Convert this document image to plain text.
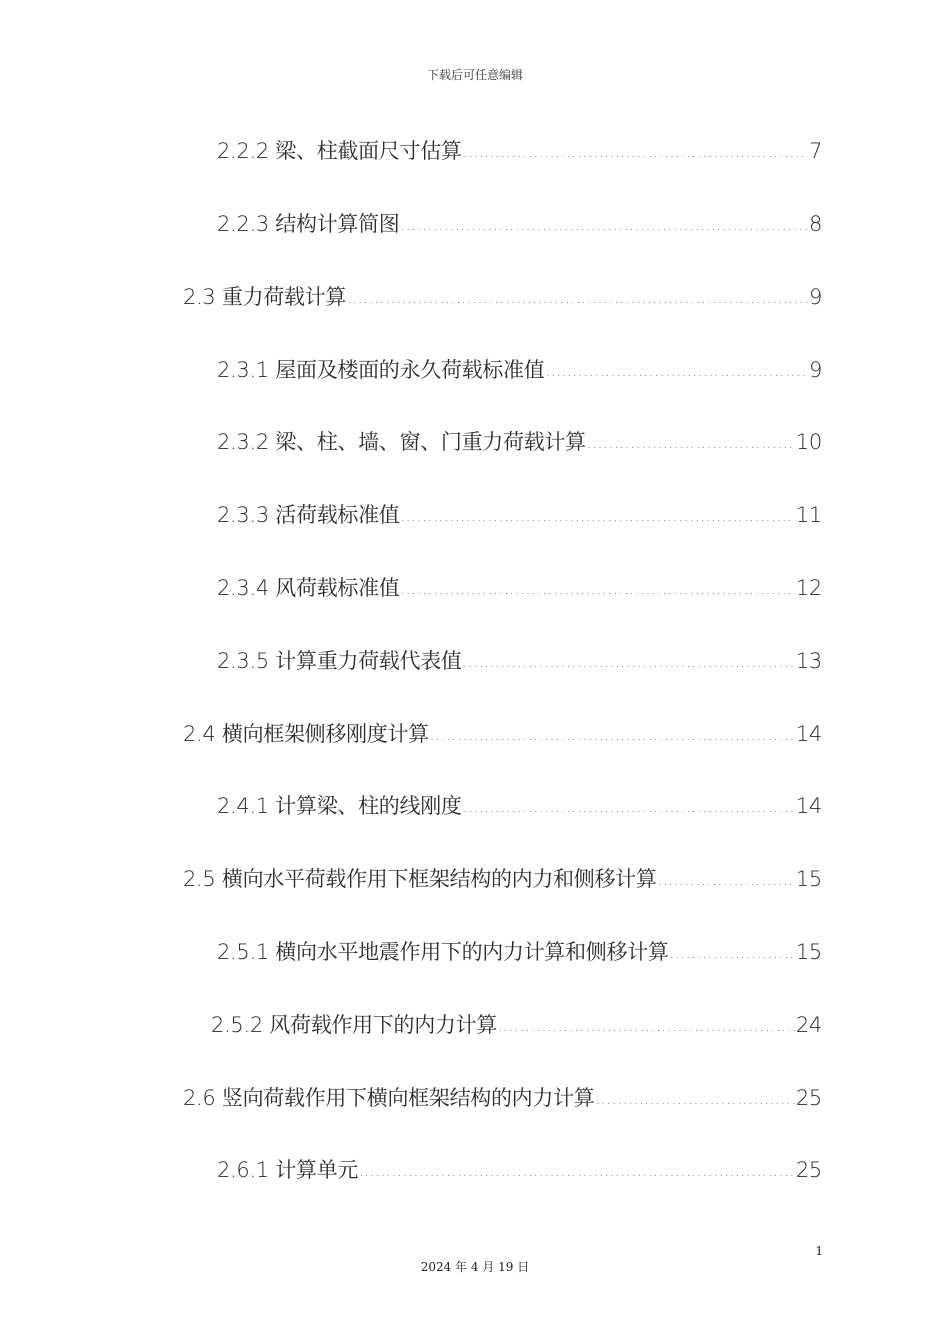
下载后可任意编辑
2.2.2 梁、柱截面尺寸估算 .....	7
2.2.3 结构计算简图 .....	8
2.3 重力荷载计算 .....	9
2.3.1 屋面及楼面的永久荷载标准值 .....	9
2.3.2 梁、柱、墙、窗、门重力荷载计算 .....	10
2.3.3 活荷载标准值 .....	11
2.3.4 风荷载标准值 .....	12
2.3.5 计算重力荷载代表值 .....	13
2.4 横向框架侧移刚度计算 .....	14
2.4.1 计算梁、柱的线刚度 .....	14
2.5 横向水平荷载作用下框架结构的内力和侧移计算 .....	15
2.5.1 横向水平地震作用下的内力计算和侧移计算 .....	15
2.5.2 风荷载作用下的内力计算 .....	24
2.6 竖向荷载作用下横向框架结构的内力计算 .....	25
2.6.1 计算单元 .....	25
1
2024 年 4 月 19 日
